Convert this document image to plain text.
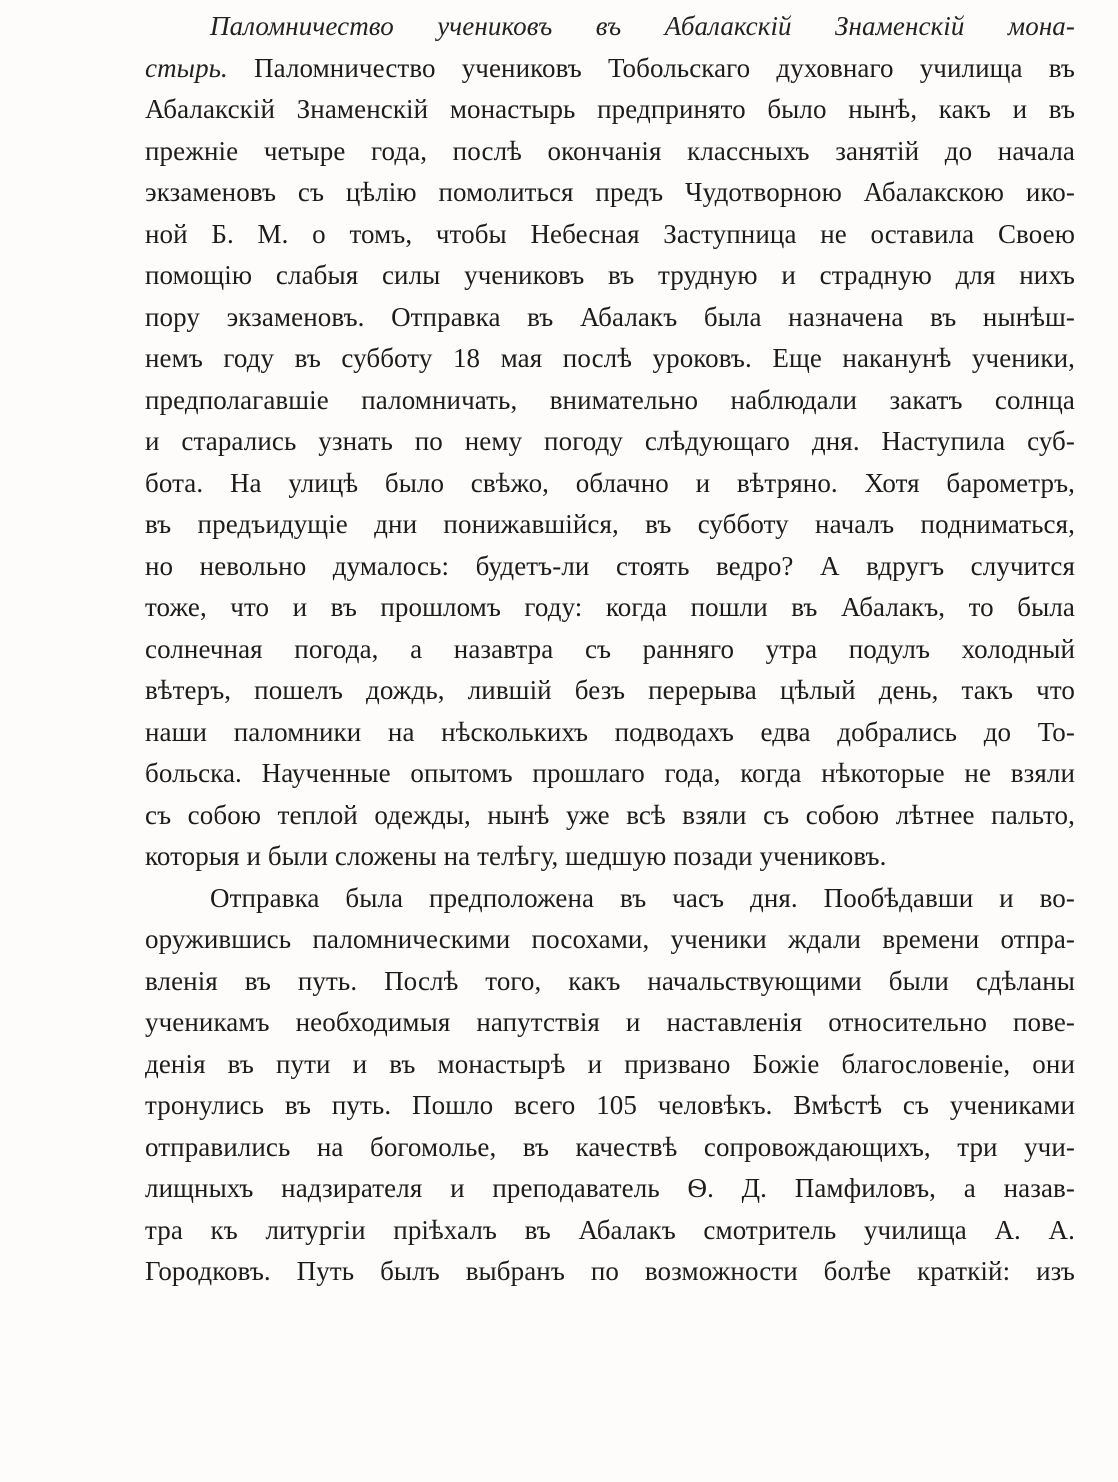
Паломничество учениковъ въ Абалакскій Знаменскій мона-
стырь. Паломничество учениковъ Тобольскаго духовнаго училища въ
Абалакскій Знаменскій монастырь предпринято было нынѣ, какъ и въ
прежніе четыре года, послѣ окончанія классныхъ занятій до начала
экзаменовъ съ цѣлію помолиться предъ Чудотворною Абалакскою ико-
ной Б. М. о томъ, чтобы Небесная Заступница не оставила Своею
помощію слабыя силы учениковъ въ трудную и страдную для нихъ
пору экзаменовъ. Отправка въ Абалакъ была назначена въ нынѣш-
немъ году въ субботу 18 мая послѣ уроковъ. Еще наканунѣ ученики,
предполагавшіе паломничать, внимательно наблюдали закатъ солнца
и старались узнать по нему погоду слѣдующаго дня. Наступила суб-
бота. На улицѣ было свѣжо, облачно и вѣтряно. Хотя барометръ,
въ предъидущіе дни понижавшійся, въ субботу началъ подниматься,
но невольно думалось: будетъ-ли стоять ведро? А вдругъ случится
тоже, что и въ прошломъ году: когда пошли въ Абалакъ, то была
солнечная погода, а назавтра съ ранняго утра подулъ холодный
вѣтеръ, пошелъ дождь, лившій безъ перерыва цѣлый день, такъ что
наши паломники на нѣсколькихъ подводахъ едва добрались до То-
больска. Наученные опытомъ прошлаго года, когда нѣкоторые не взяли
съ собою теплой одежды, нынѣ уже всѣ взяли съ собою лѣтнее пальто,
которыя и были сложены на телѣгу, шедшую позади учениковъ.
Отправка была предположена въ часъ дня. Пообѣдавши и во-
оружившись паломническими посохами, ученики ждали времени отпра-
вленія въ путь. Послѣ того, какъ начальствующими были сдѣланы
ученикамъ необходимыя напутствія и наставленія относительно пове-
денія въ пути и въ монастырѣ и призвано Божіе благословеніе, они
тронулись въ путь. Пошло всего 105 человѣкъ. Вмѣстѣ съ учениками
отправились на богомолье, въ качествѣ сопровождающихъ, три учи-
лищныхъ надзирателя и преподаватель Ѳ. Д. Памфиловъ, а назав-
тра къ литургіи пріѣхалъ въ Абалакъ смотритель училища А. А.
Городковъ. Путь былъ выбранъ по возможности болѣе краткій: изъ
